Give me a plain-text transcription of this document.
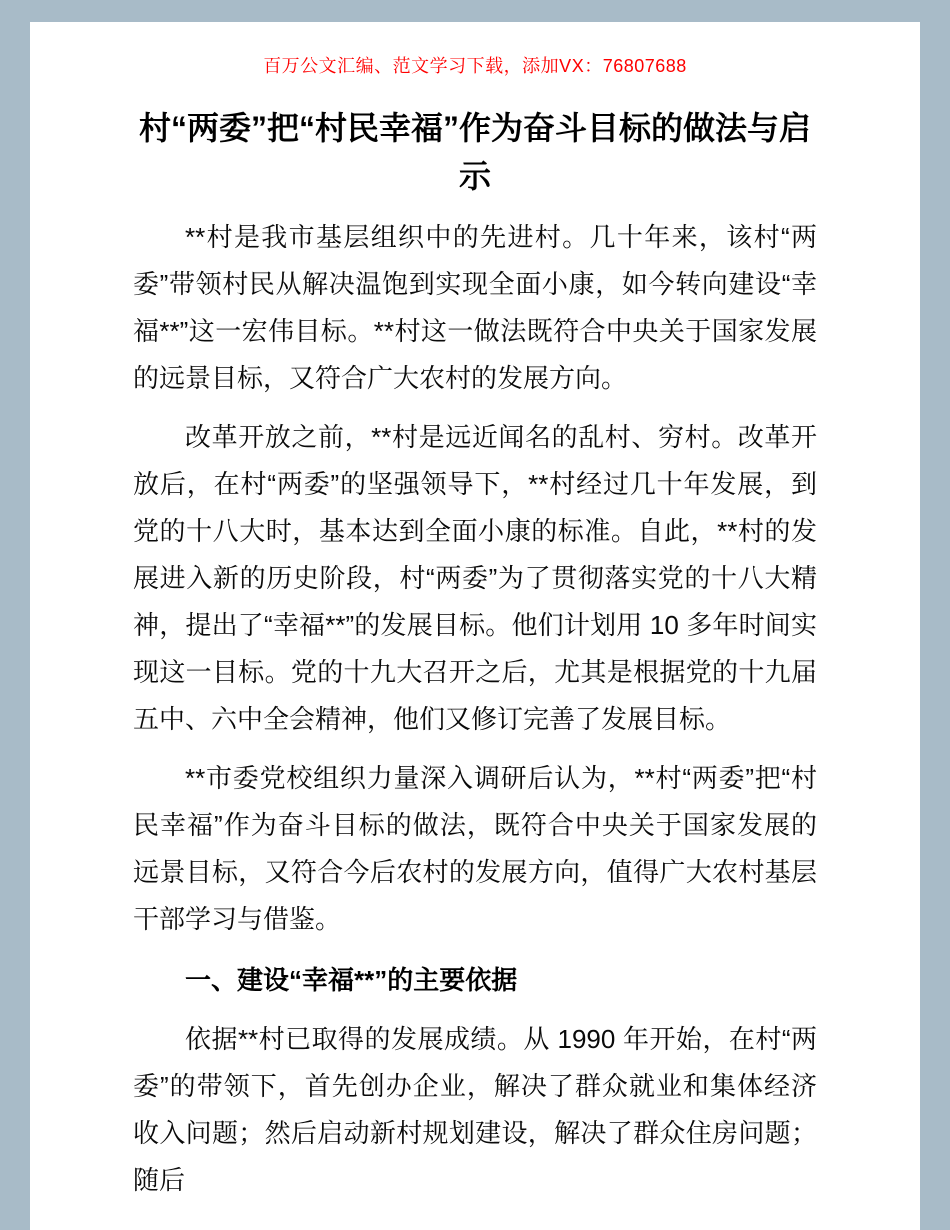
百万公文汇编、范文学习下载，添加VX：76807688
村“两委”把“村民幸福”作为奋斗目标的做法与启示

**村是我市基层组织中的先进村。几十年来，该村“两委”带领村民从解决温饱到实现全面小康，如今转向建设“幸福**”这一宏伟目标。**村这一做法既符合中央关于国家发展的远景目标，又符合广大农村的发展方向。

改革开放之前，**村是远近闻名的乱村、穷村。改革开放后，在村“两委”的坚强领导下，**村经过几十年发展，到党的十八大时，基本达到全面小康的标准。自此，**村的发展进入新的历史阶段，村“两委”为了贯彻落实党的十八大精神，提出了“幸福**”的发展目标。他们计划用 10 多年时间实现这一目标。党的十九大召开之后，尤其是根据党的十九届五中、六中全会精神，他们又修订完善了发展目标。

**市委党校组织力量深入调研后认为，**村“两委”把“村民幸福”作为奋斗目标的做法，既符合中央关于国家发展的远景目标，又符合今后农村的发展方向，值得广大农村基层干部学习与借鉴。

一、建设“幸福**”的主要依据

依据**村已取得的发展成绩。从 1990 年开始，在村“两委”的带领下，首先创办企业，解决了群众就业和集体经济收入问题；然后启动新村规划建设，解决了群众住房问题；随后
